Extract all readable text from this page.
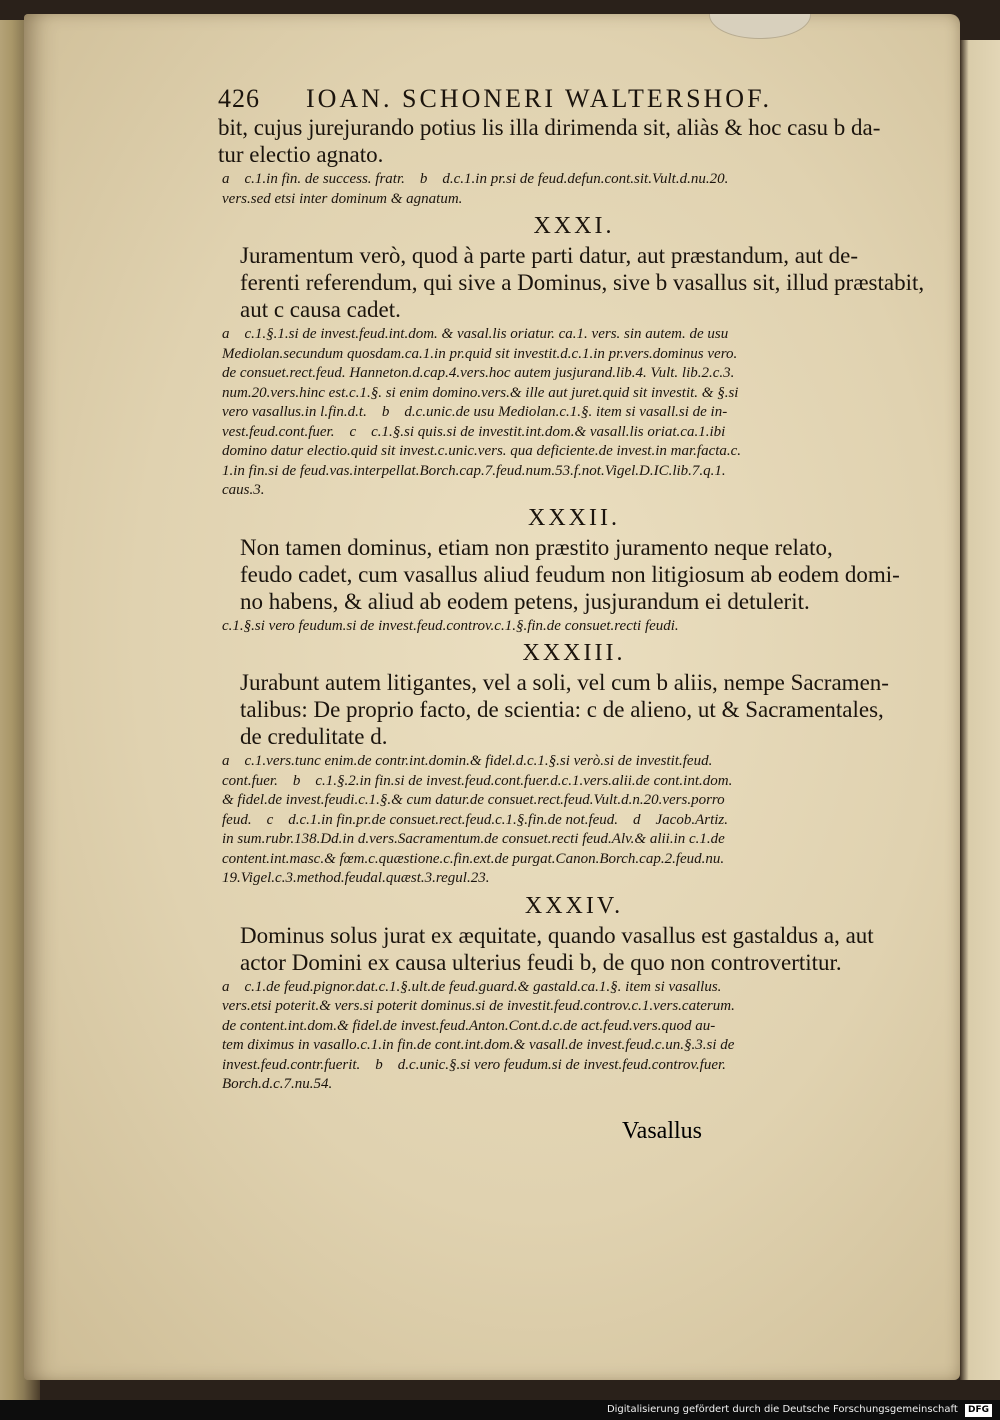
426	IOAN. SCHONERI WALTERSHOF.
bit, cujus jurejurando potius lis illa dirimenda sit, aliàs & hoc casu b da-
tur electio agnato.
a    c.1.in fin. de success. fratr.    b    d.c.1.in pr.si de feud.defun.cont.sit.Vult.d.nu.20.
vers.sed etsi inter dominum & agnatum.
XXXI.
Juramentum verò, quod à parte parti datur, aut præstandum, aut de-
ferenti referendum, qui sive a Dominus, sive b vasallus sit, illud præstabit,
aut c causa cadet.
a    c.1.§.1.si de invest.feud.int.dom. & vasal.lis oriatur. ca.1. vers. sin autem. de usu
Mediolan.secundum quosdam.ca.1.in pr.quid sit investit.d.c.1.in pr.vers.dominus vero.
de consuet.rect.feud. Hanneton.d.cap.4.vers.hoc autem jusjurand.lib.4. Vult. lib.2.c.3.
num.20.vers.hinc est.c.1.§. si enim domino.vers.& ille aut juret.quid sit investit. & §.si
vero vasallus.in l.fin.d.t.    b    d.c.unic.de usu Mediolan.c.1.§. item si vasall.si de in-
vest.feud.cont.fuer.    c    c.1.§.si quis.si de investit.int.dom.& vasall.lis oriat.ca.1.ibi
domino datur electio.quid sit invest.c.unic.vers. qua deficiente.de invest.in mar.facta.c.
1.in fin.si de feud.vas.interpellat.Borch.cap.7.feud.num.53.f.not.Vigel.D.IC.lib.7.q.1.
caus.3.
XXXII.
Non tamen dominus, etiam non præstito juramento neque relato,
feudo cadet, cum vasallus aliud feudum non litigiosum ab eodem domi-
no habens, & aliud ab eodem petens, jusjurandum ei detulerit.
c.1.§.si vero feudum.si de invest.feud.controv.c.1.§.fin.de consuet.recti feudi.
XXXIII.
Jurabunt autem litigantes, vel a soli, vel cum b aliis, nempe Sacramen-
talibus: De proprio facto, de scientia: c de alieno, ut & Sacramentales,
de credulitate d.
a    c.1.vers.tunc enim.de contr.int.domin.& fidel.d.c.1.§.si verò.si de investit.feud.
cont.fuer.    b    c.1.§.2.in fin.si de invest.feud.cont.fuer.d.c.1.vers.alii.de cont.int.dom.
& fidel.de invest.feudi.c.1.§.& cum datur.de consuet.rect.feud.Vult.d.n.20.vers.porro
feud.    c    d.c.1.in fin.pr.de consuet.rect.feud.c.1.§.fin.de not.feud.    d    Jacob.Artiz.
in sum.rubr.138.Dd.in d.vers.Sacramentum.de consuet.recti feud.Alv.& alii.in c.1.de
content.int.masc.& fœm.c.quæstione.c.fin.ext.de purgat.Canon.Borch.cap.2.feud.nu.
19.Vigel.c.3.method.feudal.quæst.3.regul.23.
XXXIV.
Dominus solus jurat ex æquitate, quando vasallus est gastaldus a, aut
actor Domini ex causa ulterius feudi b, de quo non controvertitur.
a    c.1.de feud.pignor.dat.c.1.§.ult.de feud.guard.& gastald.ca.1.§. item si vasallus.
vers.etsi poterit.& vers.si poterit dominus.si de investit.feud.controv.c.1.vers.caterum.
de content.int.dom.& fidel.de invest.feud.Anton.Cont.d.c.de act.feud.vers.quod au-
tem diximus in vasallo.c.1.in fin.de cont.int.dom.& vasall.de invest.feud.c.un.§.3.si de
invest.feud.contr.fuerit.    b    d.c.unic.§.si vero feudum.si de invest.feud.controv.fuer.
Borch.d.c.7.nu.54.
Vasallus
Digitalisierung gefördert durch die Deutsche Forschungsgemeinschaft DFG
